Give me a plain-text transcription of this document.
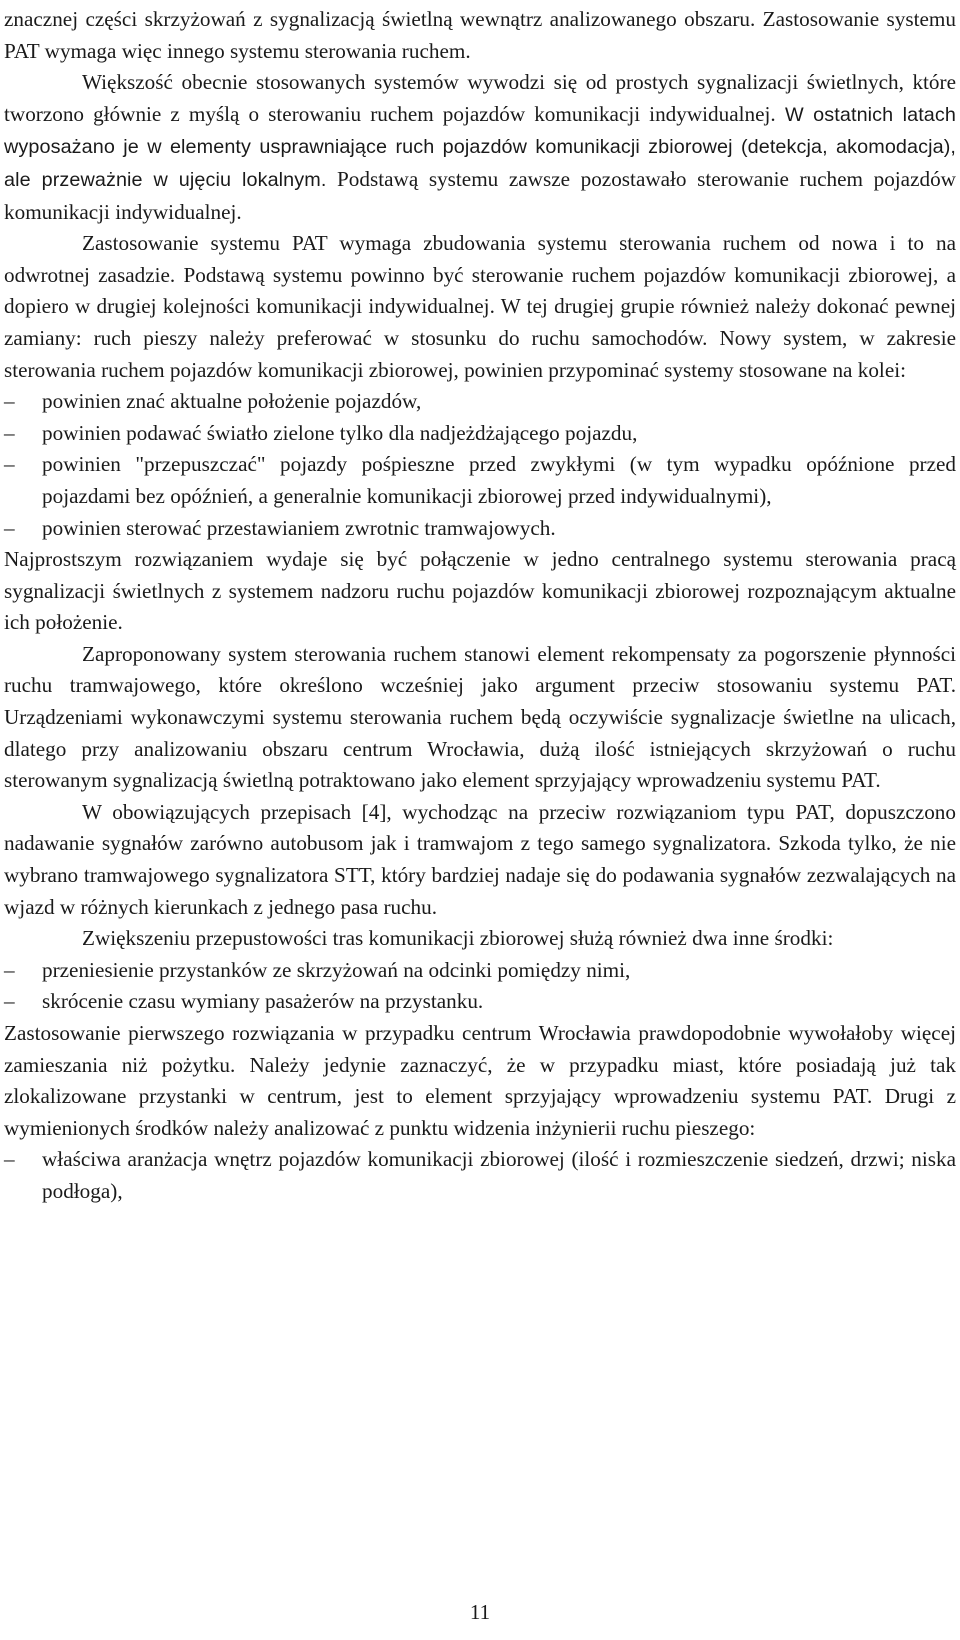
znacznej części skrzyżowań z sygnalizacją świetlną wewnątrz analizowanego obszaru. Zastosowanie systemu PAT wymaga więc innego systemu sterowania ruchem.

Większość obecnie stosowanych systemów wywodzi się od prostych sygnalizacji świetlnych, które tworzono głównie z myślą o sterowaniu ruchem pojazdów komunikacji indywidualnej. W ostatnich latach wyposażano je w elementy usprawniające ruch pojazdów komunikacji zbiorowej (detekcja, akomodacja), ale przeważnie w ujęciu lokalnym. Podstawą systemu zawsze pozostawało sterowanie ruchem pojazdów komunikacji indywidualnej.

Zastosowanie systemu PAT wymaga zbudowania systemu sterowania ruchem od nowa i to na odwrotnej zasadzie. Podstawą systemu powinno być sterowanie ruchem pojazdów komunikacji zbiorowej, a dopiero w drugiej kolejności komunikacji indywidualnej. W tej drugiej grupie również należy dokonać pewnej zamiany: ruch pieszy należy preferować w stosunku do ruchu samochodów. Nowy system, w zakresie sterowania ruchem pojazdów komunikacji zbiorowej, powinien przypominać systemy stosowane na kolei:

–	powinien znać aktualne położenie pojazdów,
–	powinien podawać światło zielone tylko dla nadjeżdżającego pojazdu,
–	powinien "przepuszczać" pojazdy pośpieszne przed zwykłymi (w tym wypadku opóźnione przed pojazdami bez opóźnień, a generalnie komunikacji zbiorowej przed indywidualnymi),
–	powinien sterować przestawianiem zwrotnic tramwajowych.

Najprostszym rozwiązaniem wydaje się być połączenie w jedno centralnego systemu sterowania pracą sygnalizacji świetlnych z systemem nadzoru ruchu pojazdów komunikacji zbiorowej rozpoznającym aktualne ich położenie.

Zaproponowany system sterowania ruchem stanowi element rekompensaty za pogorszenie płynności ruchu tramwajowego, które określono wcześniej jako argument przeciw stosowaniu systemu PAT. Urządzeniami wykonawczymi systemu sterowania ruchem będą oczywiście sygnalizacje świetlne na ulicach, dlatego przy analizowaniu obszaru centrum Wrocławia, dużą ilość istniejących skrzyżowań o ruchu sterowanym sygnalizacją świetlną potraktowano jako element sprzyjający wprowadzeniu systemu PAT.

W obowiązujących przepisach [4], wychodząc na przeciw rozwiązaniom typu PAT, dopuszczono nadawanie sygnałów zarówno autobusom jak i tramwajom z tego samego sygnalizatora. Szkoda tylko, że nie wybrano tramwajowego sygnalizatora STT, który bardziej nadaje się do podawania sygnałów zezwalających na wjazd w różnych kierunkach z jednego pasa ruchu.

Zwiększeniu przepustowości tras komunikacji zbiorowej służą również dwa inne środki:

–	przeniesienie przystanków ze skrzyżowań na odcinki pomiędzy nimi,
–	skrócenie czasu wymiany pasażerów na przystanku.

Zastosowanie pierwszego rozwiązania w przypadku centrum Wrocławia prawdopodobnie wywołałoby więcej zamieszania niż pożytku. Należy jedynie zaznaczyć, że w przypadku miast, które posiadają już tak zlokalizowane przystanki w centrum, jest to element sprzyjający wprowadzeniu systemu PAT. Drugi z wymienionych środków należy analizować z punktu widzenia inżynierii ruchu pieszego:

–	właściwa aranżacja wnętrz pojazdów komunikacji zbiorowej (ilość i rozmieszczenie siedzeń, drzwi; niska podłoga),
11
